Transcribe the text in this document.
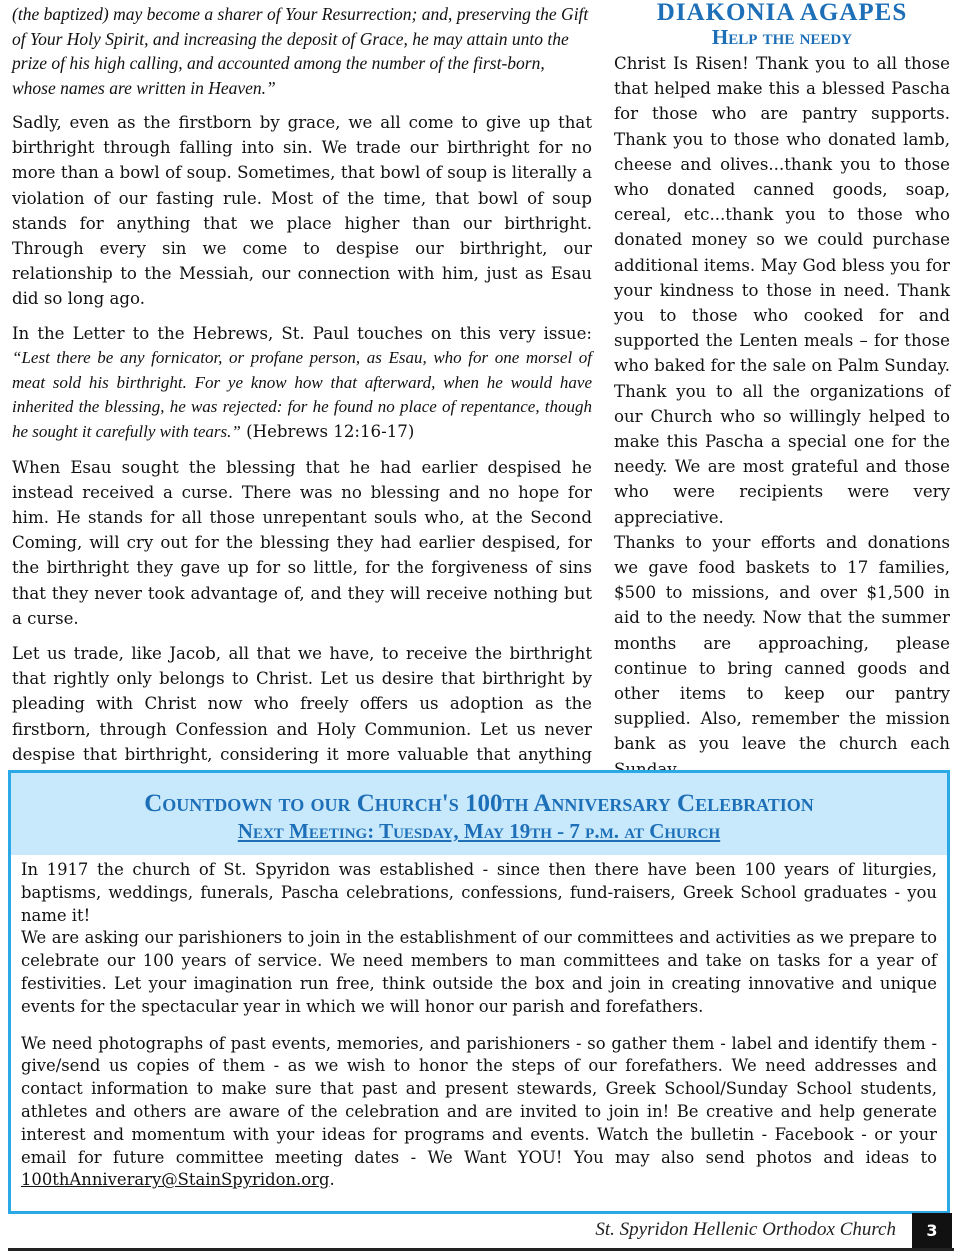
(the baptized) may become a sharer of Your Resurrection; and, preserving the Gift of Your Holy Spirit, and increasing the deposit of Grace, he may attain unto the prize of his high calling, and accounted among the number of the first-born, whose names are written in Heaven.”

Sadly, even as the firstborn by grace, we all come to give up that birthright through falling into sin. We trade our birthright for no more than a bowl of soup. Sometimes, that bowl of soup is literally a violation of our fasting rule. Most of the time, that bowl of soup stands for anything that we place higher than our birthright. Through every sin we come to despise our birthright, our relationship to the Messiah, our connection with him, just as Esau did so long ago.

In the Letter to the Hebrews, St. Paul touches on this very issue: “Lest there be any fornicator, or profane person, as Esau, who for one morsel of meat sold his birthright. For ye know how that afterward, when he would have inherited the blessing, he was rejected: for he found no place of repentance, though he sought it carefully with tears.” (Hebrews 12:16-17)

When Esau sought the blessing that he had earlier despised he instead received a curse. There was no blessing and no hope for him. He stands for all those unrepentant souls who, at the Second Coming, will cry out for the blessing they had earlier despised, for the birthright they gave up for so little, for the forgiveness of sins that they never took advantage of, and they will receive nothing but a curse.

Let us trade, like Jacob, all that we have, to receive the birthright that rightly only belongs to Christ. Let us desire that birthright by pleading with Christ now who freely offers us adoption as the firstborn, through Confession and Holy Communion. Let us never despise that birthright, considering it more valuable that anything

DIAKONIA AGAPES
Help the needy

Christ Is Risen! Thank you to all those that helped make this a blessed Pascha for those who are pantry supports. Thank you to those who donated lamb, cheese and olives...thank you to those who donated canned goods, soap, cereal, etc...thank you to those who donated money so we could purchase additional items. May God bless you for your kindness to those in need. Thank you to those who cooked for and supported the Lenten meals – for those who baked for the sale on Palm Sunday. Thank you to all the organizations of our Church who so willingly helped to make this Pascha a special one for the needy. We are most grateful and those who were recipients were very appreciative.

Thanks to your efforts and donations we gave food baskets to 17 families, $500 to missions, and over $1,500 in aid to the needy. Now that the summer months are approaching, please continue to bring canned goods and other items to keep our pantry supplied. Also, remember the mission bank as you leave the church each

Countdown to our Church's 100th Anniversary Celebration
Next Meeting: Tuesday, May 19th - 7 p.m. at Church

In 1917 the church of St. Spyridon was established - since then there have been 100 years of liturgies, baptisms, weddings, funerals, Pascha celebrations, confessions, fund-raisers, Greek School graduates - you name it!

We are asking our parishioners to join in the establishment of our committees and activities as we prepare to celebrate our 100 years of service. We need members to man committees and take on tasks for a year of festivities. Let your imagination run free, think outside the box and join in creating innovative and unique events for the spectacular year in which we will honor our parish and forefathers.

We need photographs of past events, memories, and parishioners - so gather them - label and identify them - give/send us copies of them - as we wish to honor the steps of our forefathers. We need addresses and contact information to make sure that past and present stewards, Greek School/Sunday School students, athletes and others are aware of the celebration and are invited to join in! Be creative and help generate interest and momentum with your ideas for programs and events. Watch the bulletin - Facebook - or your email for future committee meeting dates - We Want YOU! You may also send photos and ideas to 100thAnniverary@StainSpyridon.org.

St. Spyridon Hellenic Orthodox Church	3
